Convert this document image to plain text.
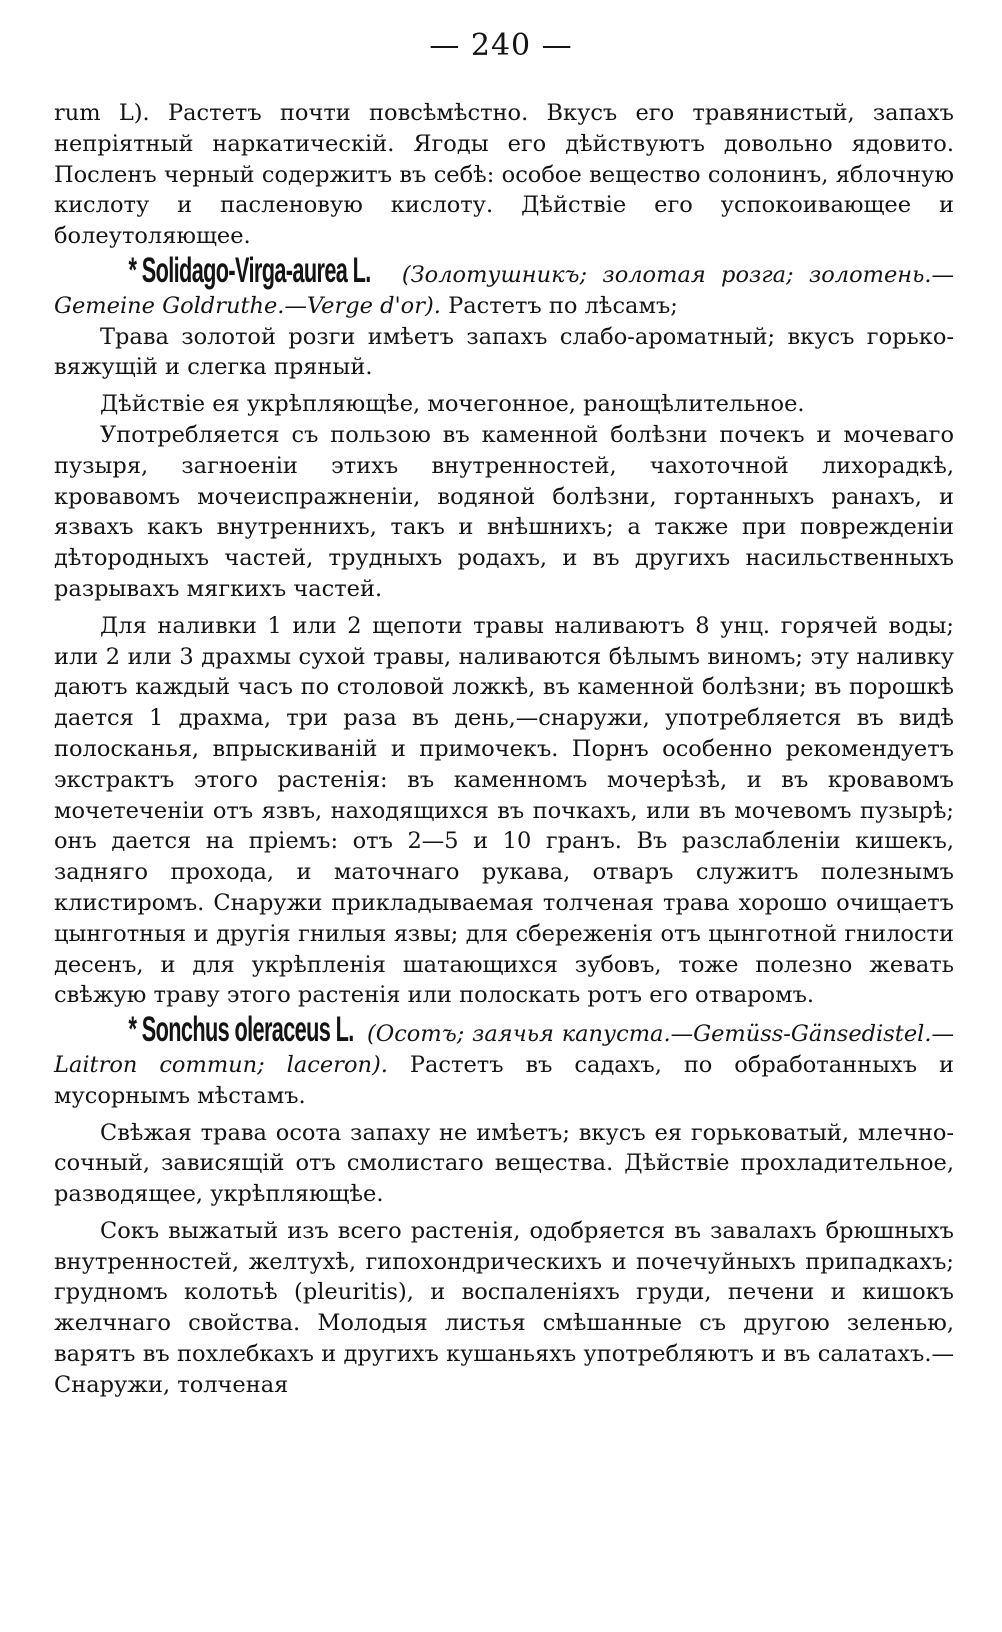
— 240 —

rum L). Растетъ почти повсѣмѣстно. Вкусъ его травянистый, запахъ непріятный наркатическій. Ягоды его дѣйствуютъ довольно ядовито. Посленъ черный содержитъ въ себѣ: особое вещество солонинъ, яблочную кислоту и пасленовую кислоту. Дѣйствіе его успокоивающее и болеутоляющее.

* Solidago-Virga-aurea L. (Золотушникъ; золотая розга; золотень.—Gemeine Goldruthe.—Verge d'or). Растетъ по лѣсамъ;

Трава золотой розги имѣетъ запахъ слабо-ароматный; вкусъ горько-вяжущій и слегка пряный.

Дѣйствіе ея укрѣпляющѣе, мочегонное, ранощѣлительное.

Употребляется съ пользою въ каменной болѣзни почекъ и мочеваго пузыря, загноеніи этихъ внутренностей, чахоточной лихорадкѣ, кровавомъ мочеиспражненіи, водяной болѣзни, гортанныхъ ранахъ, и язвахъ какъ внутреннихъ, такъ и внѣшнихъ; а также при поврежденіи дѣтородныхъ частей, трудныхъ родахъ, и въ другихъ насильственныхъ разрывахъ мягкихъ частей.

Для наливки 1 или 2 щепоти травы наливаютъ 8 унц. горячей воды; или 2 или 3 драхмы сухой травы, наливаются бѣлымъ виномъ; эту наливку даютъ каждый часъ по столовой ложкѣ, въ каменной болѣзни; въ порошкѣ дается 1 драхма, три раза въ день,—снаружи, употребляется въ видѣ полосканья, впрыскиваній и примочекъ. Порнъ особенно рекомендуетъ экстрактъ этого растенія: въ каменномъ мочерѣзѣ, и въ кровавомъ мочетеченіи отъ язвъ, находящихся въ почкахъ, или въ мочевомъ пузырѣ; онъ дается на пріемъ: отъ 2—5 и 10 гранъ. Въ разслабленіи кишекъ, задняго прохода, и маточнаго рукава, отваръ служитъ полезнымъ клистиромъ. Снаружи прикладываемая толченая трава хорошо очищаетъ цынготныя и другія гнилыя язвы; для сбереженія отъ цынготной гнилости десенъ, и для укрѣпленія шатающихся зубовъ, тоже полезно жевать свѣжую траву этого растенія или полоскать ротъ его отваромъ.

* Sonchus oleraceus L. (Осотъ; заячья капуста.—Gemüss-Gänsedistel.—Laitron commun; laceron). Растетъ въ садахъ, по обработанныхъ и мусорнымъ мѣстамъ.

Свѣжая трава осота запаху не имѣетъ; вкусъ ея горьковатый, млечно-сочный, зависящій отъ смолистаго вещества. Дѣйствіе прохладительное, разводящее, укрѣпляющѣе.

Сокъ выжатый изъ всего растенія, одобряется въ завалахъ брюшныхъ внутренностей, желтухѣ, гипохондрическихъ и почечуйныхъ припадкахъ; грудномъ колотьѣ (pleuritis), и воспаленіяхъ груди, печени и кишокъ желчнаго свойства. Молодыя листья смѣшанные съ другою зеленью, варятъ въ похлебкахъ и другихъ кушаньяхъ употребляютъ и въ салатахъ.—Снаружи, толченая
